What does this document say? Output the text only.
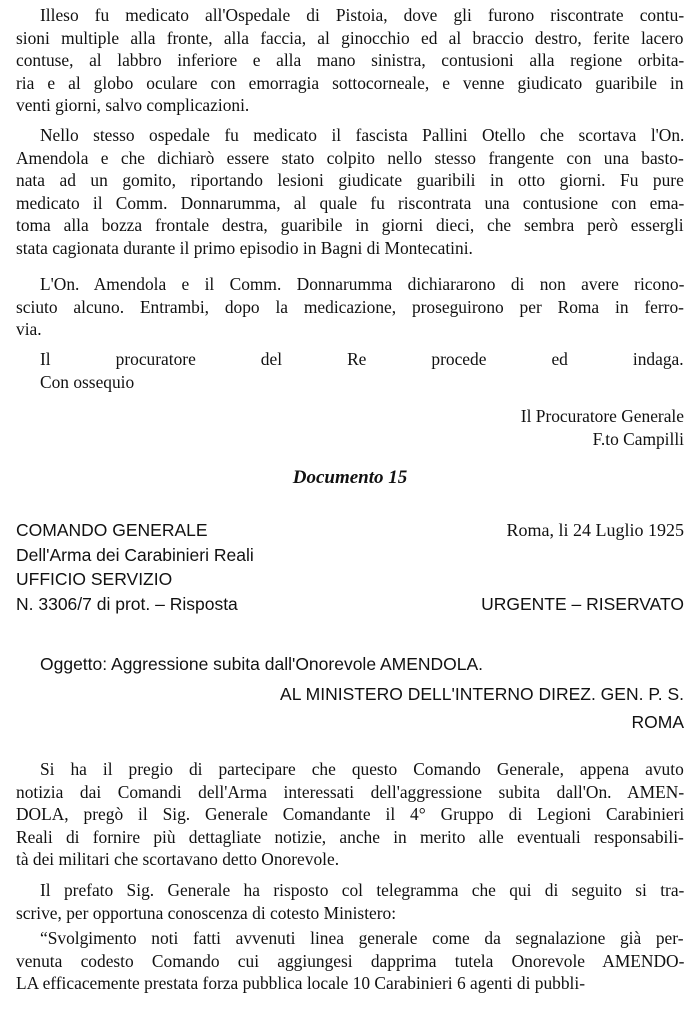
Illeso fu medicato all'Ospedale di Pistoia, dove gli furono riscontrate contu-
sioni multiple alla fronte, alla faccia, al ginocchio ed al braccio destro, ferite lacero
contuse, al labbro inferiore e alla mano sinistra, contusioni alla regione orbita-
ria e al globo oculare con emorragia sottocorneale, e venne giudicato guaribile in
venti giorni, salvo complicazioni.
Nello stesso ospedale fu medicato il fascista Pallini Otello che scortava l'On.
Amendola e che dichiarò essere stato colpito nello stesso frangente con una basto-
nata ad un gomito, riportando lesioni giudicate guaribili in otto giorni. Fu pure
medicato il Comm. Donnarumma, al quale fu riscontrata una contusione con ema-
toma alla bozza frontale destra, guaribile in giorni dieci, che sembra però essergli
stata cagionata durante il primo episodio in Bagni di Montecatini.
L'On. Amendola e il Comm. Donnarumma dichiararono di non avere ricono-
sciuto alcuno. Entrambi, dopo la medicazione, proseguirono per Roma in ferro-
via.
Il procuratore del Re procede ed indaga.
Con ossequio
Il Procuratore Generale
F.to Campilli
Documento 15
COMANDO GENERALE
Dell'Arma dei Carabinieri Reali
UFFICIO SERVIZIO
N. 3306/7 di prot. – Risposta
Roma, li 24 Luglio 1925
URGENTE – RISERVATO
Oggetto: Aggressione subita dall'Onorevole AMENDOLA.
AL MINISTERO DELL'INTERNO DIREZ. GEN. P. S.
ROMA
Si ha il pregio di partecipare che questo Comando Generale, appena avuto
notizia dai Comandi dell'Arma interessati dell'aggressione subita dall'On. AMEN-
DOLA, pregò il Sig. Generale Comandante il 4° Gruppo di Legioni Carabinieri
Reali di fornire più dettagliate notizie, anche in merito alle eventuali responsabili-
tà dei militari che scortavano detto Onorevole.
Il prefato Sig. Generale ha risposto col telegramma che qui di seguito si tra-
scrive, per opportuna conoscenza di cotesto Ministero:
“Svolgimento noti fatti avvenuti linea generale come da segnalazione già per-
venuta codesto Comando cui aggiungesi dapprima tutela Onorevole AMENDO-
LA efficacemente prestata forza pubblica locale 10 Carabinieri 6 agenti di pubbli-
